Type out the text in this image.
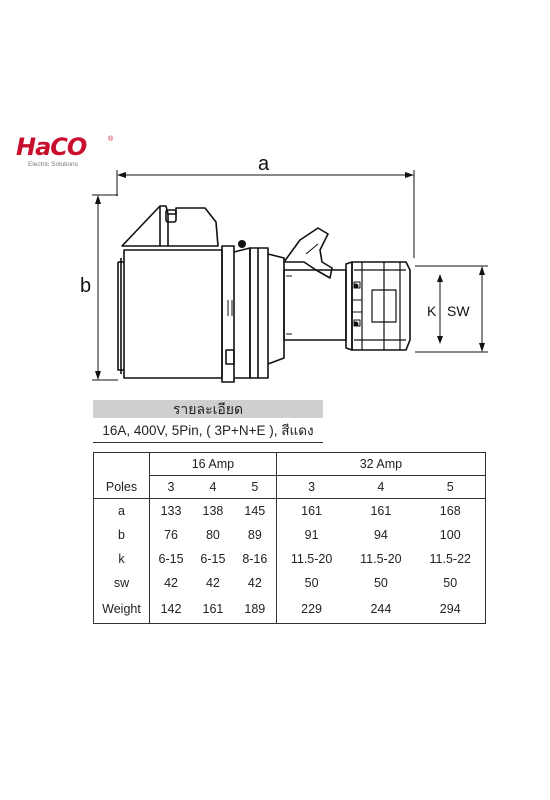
HaCO	®
Electric Solutions	a
b
K SW
รายละเอียด
16A, 400V, 5Pin, ( 3P+N+E ), สีแดง
	16 Amp			32 Amp		
Poles	3	4	5	3	4	5
a	133	138	145	161	161	168
b	76	80	89	91	94	100
k	6-15	6-15	8-16	11.5-20	11.5-20	11.5-22
sw	42	42	42	50	50	50
Weight	142	161	189	229	244	294
